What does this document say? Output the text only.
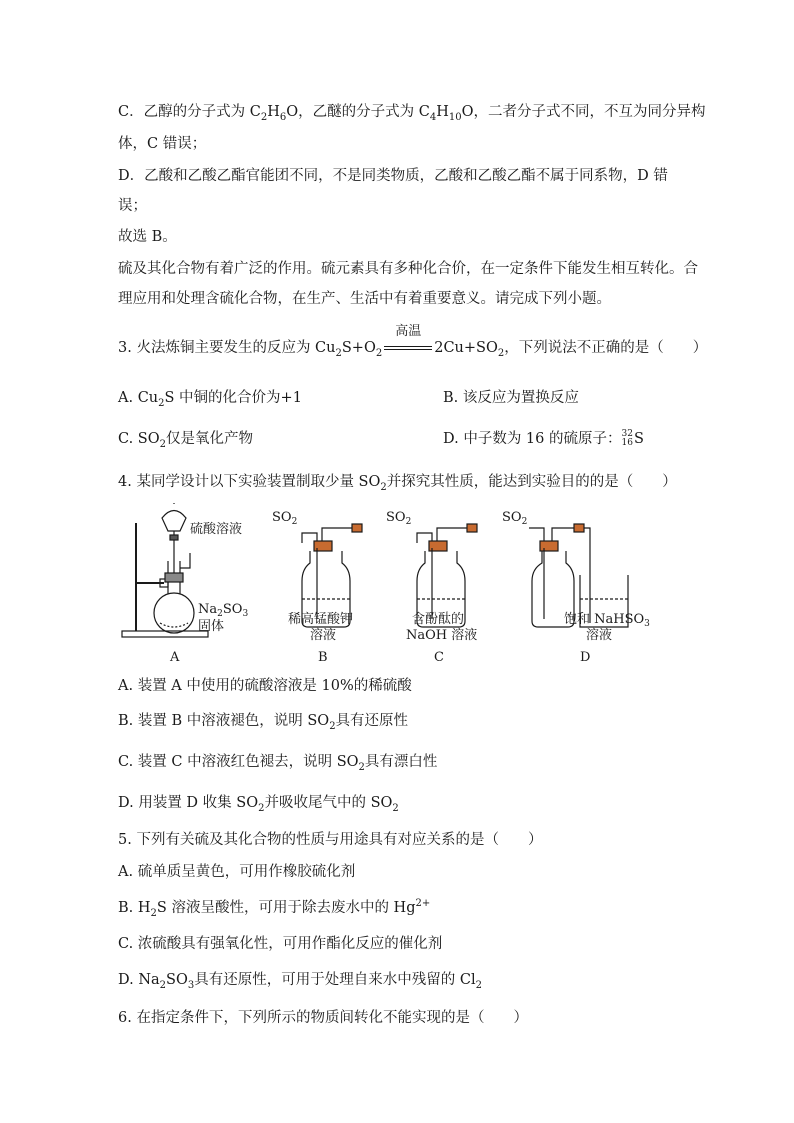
C．乙醇的分子式为 $C_2H_6O$，乙醚的分子式为 $C_4H_{10}O$，二者分子式不同，不互为同分异构
体，C 错误；
D．乙酸和乙酸乙酯官能团不同，不是同类物质，乙酸和乙酸乙酯不属于同系物，D 错
误；
故选 B。
硫及其化合物有着广泛的作用。硫元素具有多种化合价，在一定条件下能发生相互转化。合
理应用和处理含硫化合物，在生产、生活中有着重要意义。请完成下列小题。
3. 火法炼铜主要发生的反应为 $Cu_2S+O_2$
高温
$2Cu+SO_2$，下列说法不正确的是（　　）
A. $Cu_2S$ 中铜的化合价为+1	B. 该反应为置换反应
C. $SO_2$仅是氧化产物	D. 中子数为 16 的硫原子：32
16S
4. 某同学设计以下实验装置制取少量 $SO_2$并探究其性质，能达到实验目的的是（　　）
硫酸溶液
$Na_2SO_3$
固体
$SO_2$
稀高锰酸钾
溶液
$SO_2$
含酚酞的
NaOH 溶液
$SO_2$
饱和 NaHSO$_3$
溶液
A	B	C	D
A. 装置 A 中使用的硫酸溶液是 10%的稀硫酸
B. 装置 B 中溶液褪色，说明 $SO_2$具有还原性
C. 装置 C 中溶液红色褪去，说明 $SO_2$具有漂白性
D. 用装置 D 收集 $SO_2$并吸收尾气中的 $SO_2$
5. 下列有关硫及其化合物的性质与用途具有对应关系的是（　　）
A. 硫单质呈黄色，可用作橡胶硫化剂
B. $H_2S$ 溶液呈酸性，可用于除去废水中的 $Hg^{2+}$
C. 浓硫酸具有强氧化性，可用作酯化反应的催化剂
D. $Na_2SO_3$具有还原性，可用于处理自来水中残留的 $Cl_2$
6. 在指定条件下，下列所示的物质间转化不能实现的是（　　）
